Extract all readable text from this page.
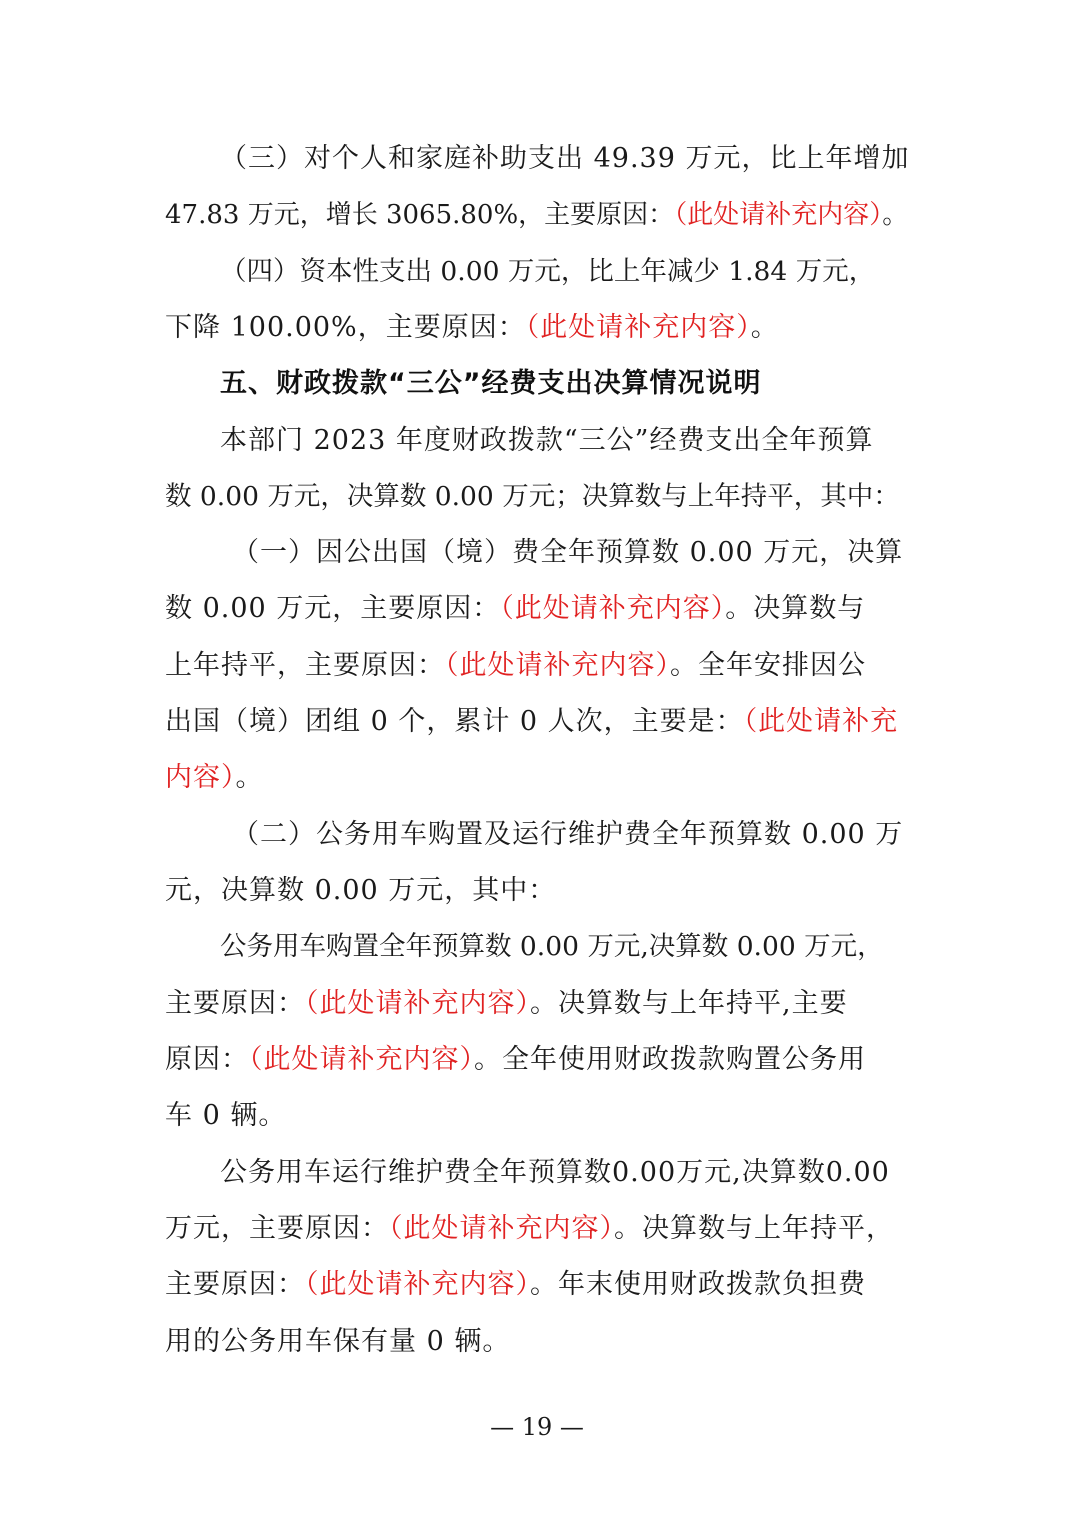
（三）对个人和家庭补助支出 49.39 万元，比上年增加
47.83 万元，增长 3065.80%，主要原因：（此处请补充内容）。
（四）资本性支出 0.00 万元，比上年减少 1.84 万元，
下降 100.00%，主要原因：（此处请补充内容）。
五、财政拨款“三公”经费支出决算情况说明
本部门 2023 年度财政拨款“三公”经费支出全年预算
数 0.00 万元，决算数 0.00 万元；决算数与上年持平，其中：
（一）因公出国（境）费全年预算数 0.00 万元，决算
数 0.00 万元，主要原因：（此处请补充内容）。决算数与
上年持平，主要原因：（此处请补充内容）。全年安排因公
出国（境）团组 0 个，累计 0 人次，主要是：（此处请补充
内容）。
（二）公务用车购置及运行维护费全年预算数 0.00 万
元，决算数 0.00 万元，其中：
公务用车购置全年预算数 0.00 万元,决算数 0.00 万元，
主要原因：（此处请补充内容）。决算数与上年持平,主要
原因：（此处请补充内容）。全年使用财政拨款购置公务用
车 0 辆。
公务用车运行维护费全年预算数0.00万元,决算数0.00
万元，主要原因：（此处请补充内容）。决算数与上年持平，
主要原因：（此处请补充内容）。年末使用财政拨款负担费
用的公务用车保有量 0 辆。
— 19 —
